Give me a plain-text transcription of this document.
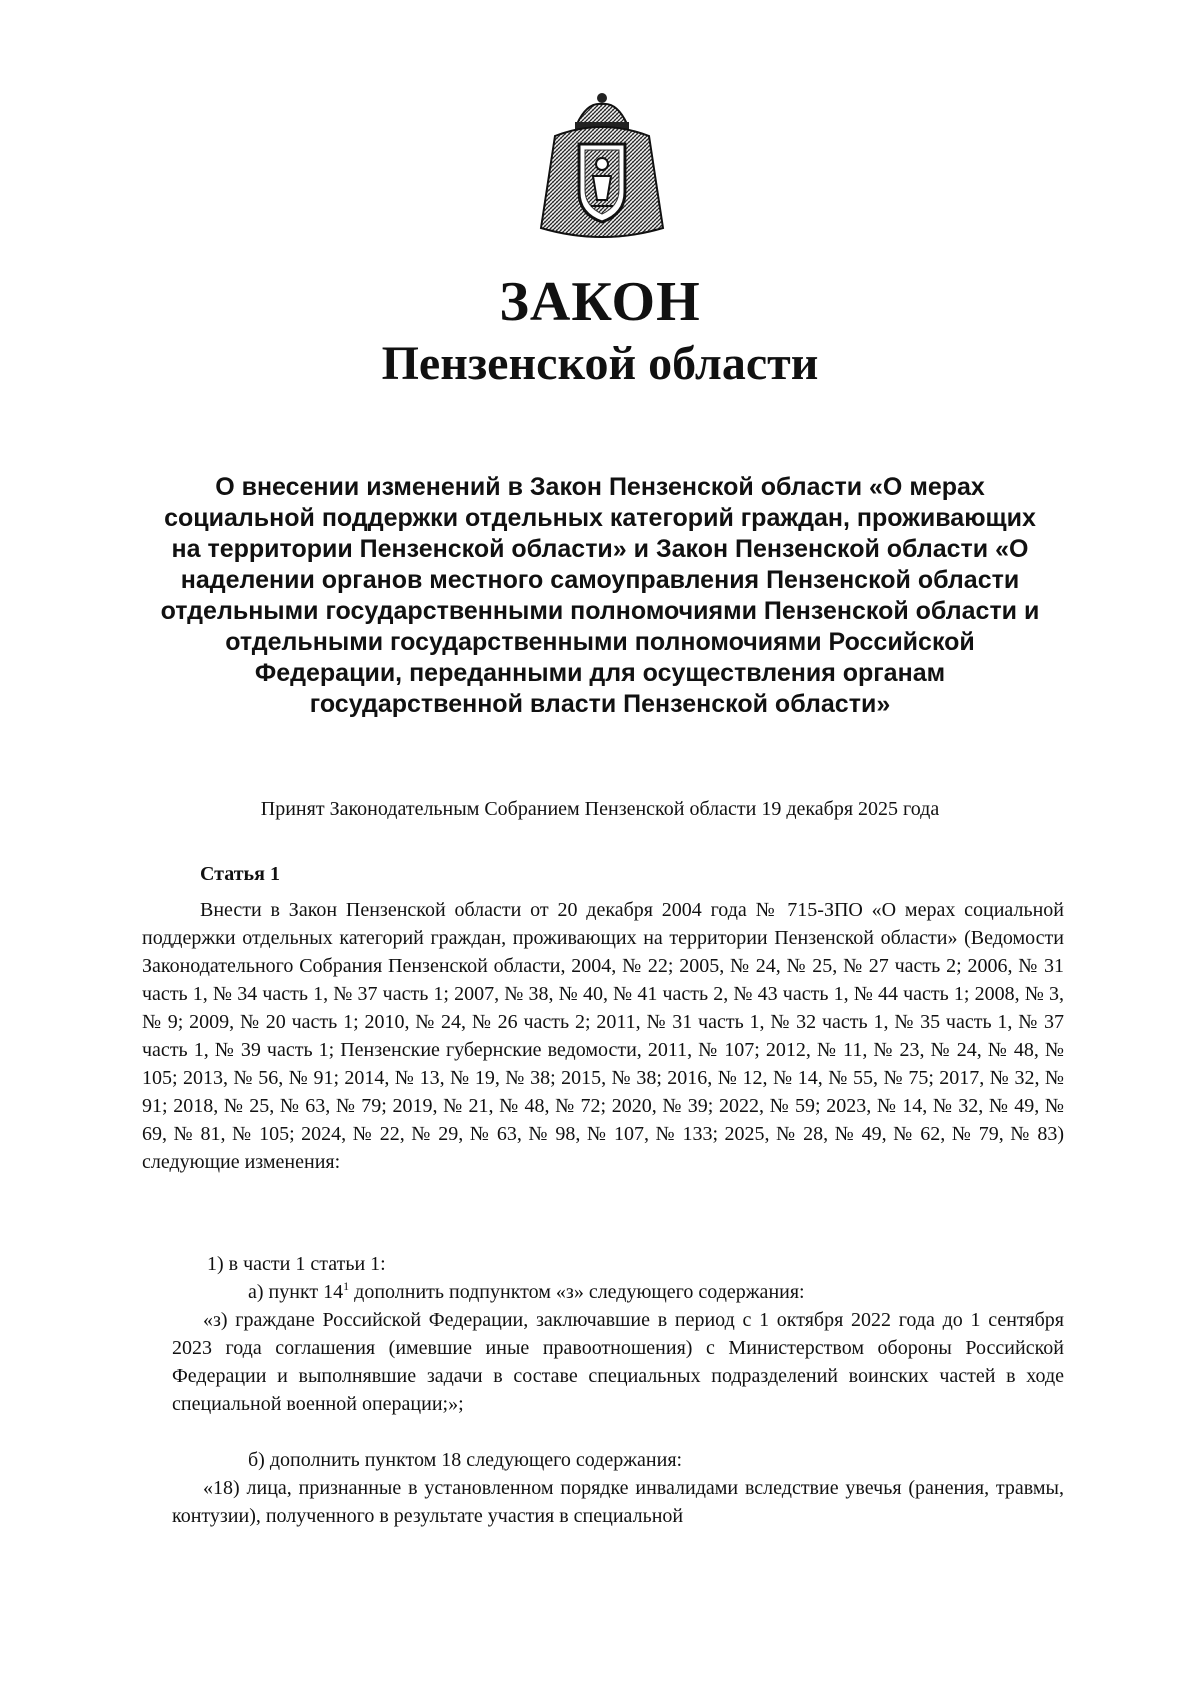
ЗАКОН
Пензенской области
О внесении изменений в Закон Пензенской области «О мерах социальной поддержки отдельных категорий граждан, проживающих на территории Пензенской области» и Закон Пензенской области «О наделении органов местного самоуправления Пензенской области отдельными государственными полномочиями Пензенской области и отдельными государственными полномочиями Российской Федерации, переданными для осуществления органам государственной власти Пензенской области»
Принят Законодательным Собранием Пензенской области 19 декабря 2025 года
Статья 1
Внести в Закон Пензенской области от 20 декабря 2004 года № 715-ЗПО «О мерах социальной поддержки отдельных категорий граждан, проживающих на территории Пензенской области» (Ведомости Законодательного Собрания Пензенской области, 2004, № 22; 2005, № 24, № 25, № 27 часть 2; 2006, № 31 часть 1, № 34 часть 1, № 37 часть 1; 2007, № 38, № 40, № 41 часть 2, № 43 часть 1, № 44 часть 1; 2008, № 3, № 9; 2009, № 20 часть 1; 2010, № 24, № 26 часть 2; 2011, № 31 часть 1, № 32 часть 1, № 35 часть 1, № 37 часть 1, № 39 часть 1; Пензенские губернские ведомости, 2011, № 107; 2012, № 11, № 23, № 24, № 48, № 105; 2013, № 56, № 91; 2014, № 13, № 19, № 38; 2015, № 38; 2016, № 12, № 14, № 55, № 75; 2017, № 32, № 91; 2018, № 25, № 63, № 79; 2019, № 21, № 48, № 72; 2020, № 39; 2022, № 59; 2023, № 14, № 32, № 49, № 69, № 81, № 105; 2024, № 22, № 29, № 63, № 98, № 107, № 133; 2025, № 28, № 49, № 62, № 79, № 83) следующие изменения:
1) в части 1 статьи 1:
а) пункт $14^1$ дополнить подпунктом «з» следующего содержания:
«з) граждане Российской Федерации, заключавшие в период с 1 октября 2022 года до 1 сентября 2023 года соглашения (имевшие иные правоотношения) с Министерством обороны Российской Федерации и выполнявшие задачи в составе специальных подразделений воинских частей в ходе специальной военной операции;»;
б) дополнить пунктом 18 следующего содержания:
«18) лица, признанные в установленном порядке инвалидами вследствие увечья (ранения, травмы, контузии), полученного в результате участия в специальной
